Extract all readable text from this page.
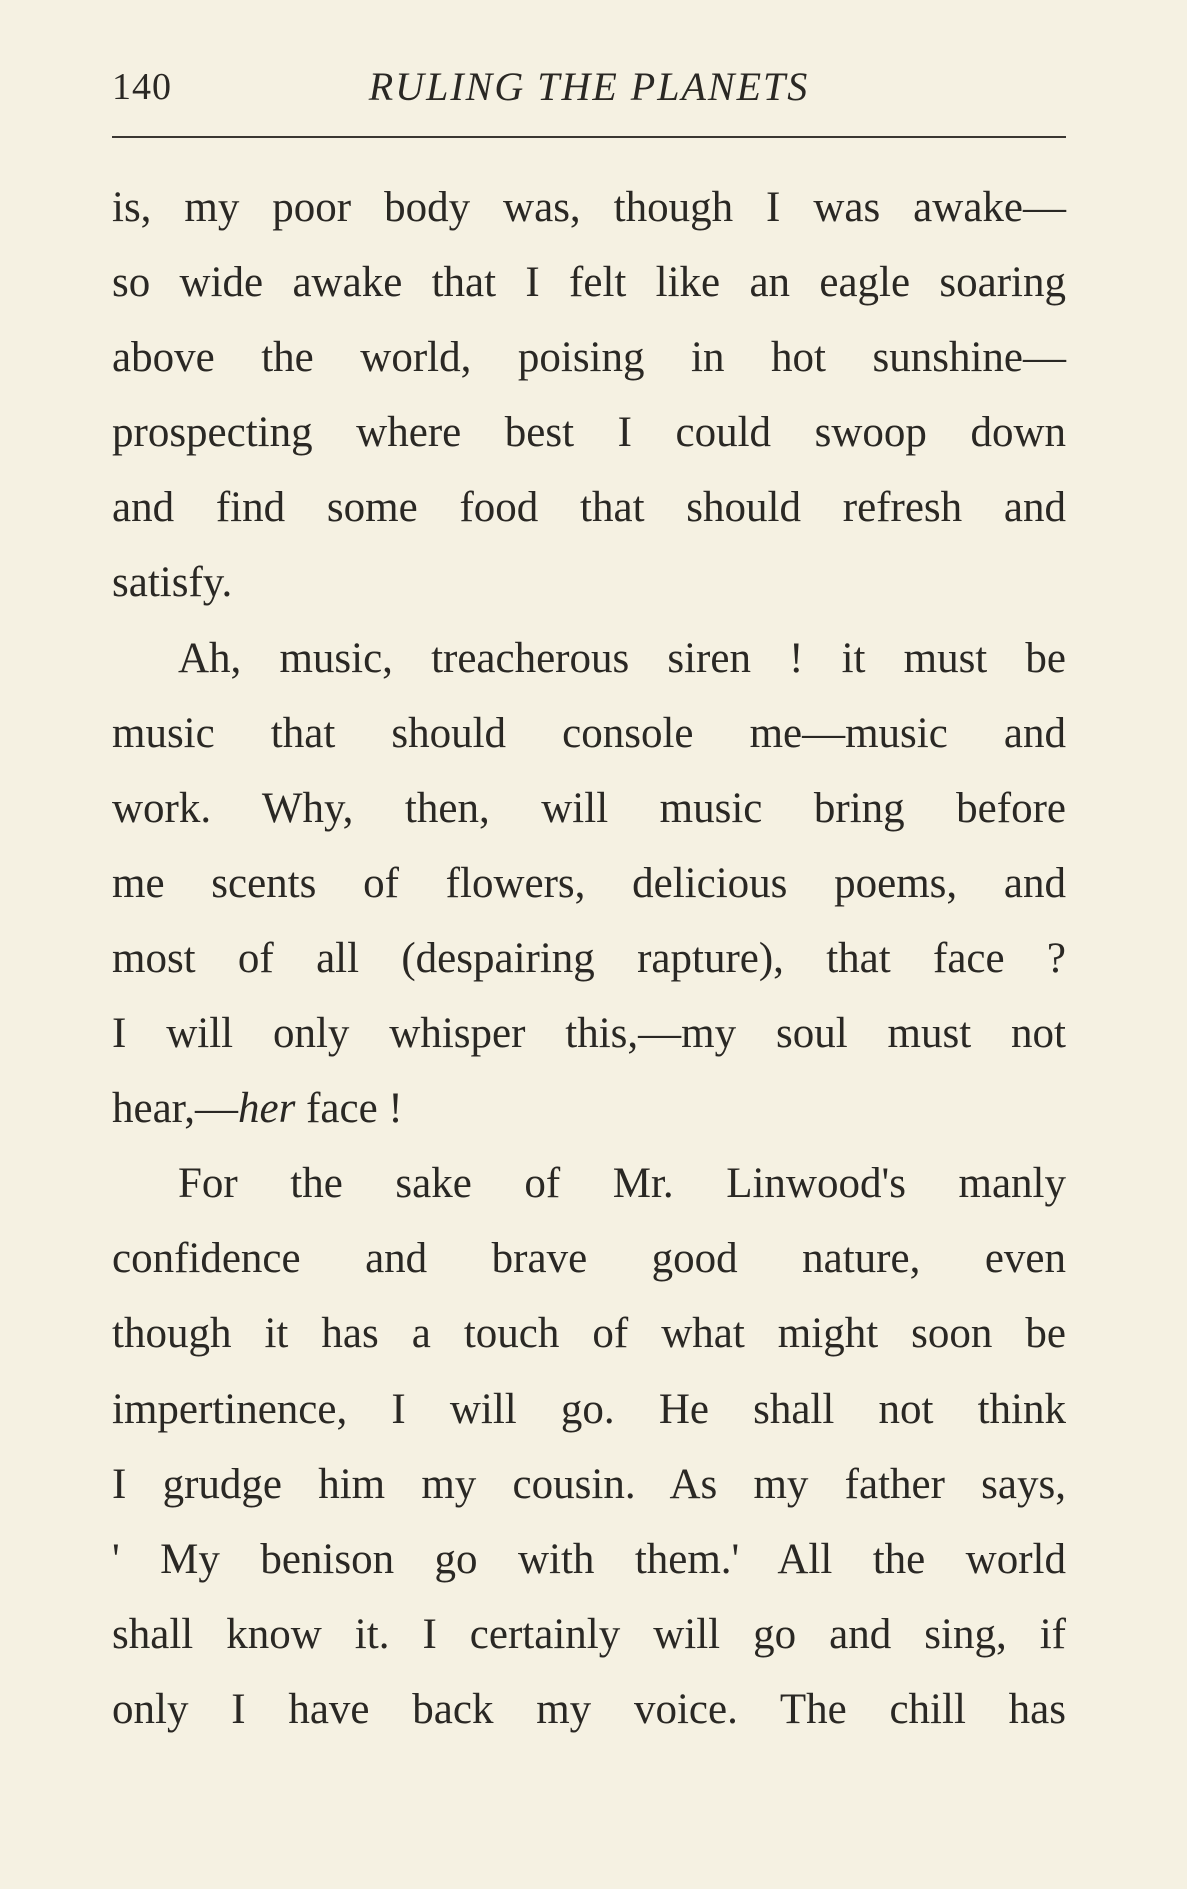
140	RULING THE PLANETS
is, my poor body was, though I was awake—
so wide awake that I felt like an eagle soaring
above the world, poising in hot sunshine—
prospecting where best I could swoop down
and find some food that should refresh and
satisfy.
Ah, music, treacherous siren ! it must be
music that should console me—music and
work. Why, then, will music bring before
me scents of flowers, delicious poems, and
most of all (despairing rapture), that face ?
I will only whisper this,—my soul must not
hear,—her face !
For the sake of Mr. Linwood's manly
confidence and brave good nature, even
though it has a touch of what might soon be
impertinence, I will go. He shall not think
I grudge him my cousin. As my father says,
' My benison go with them.' All the world
shall know it. I certainly will go and sing, if
only I have back my voice. The chill has
